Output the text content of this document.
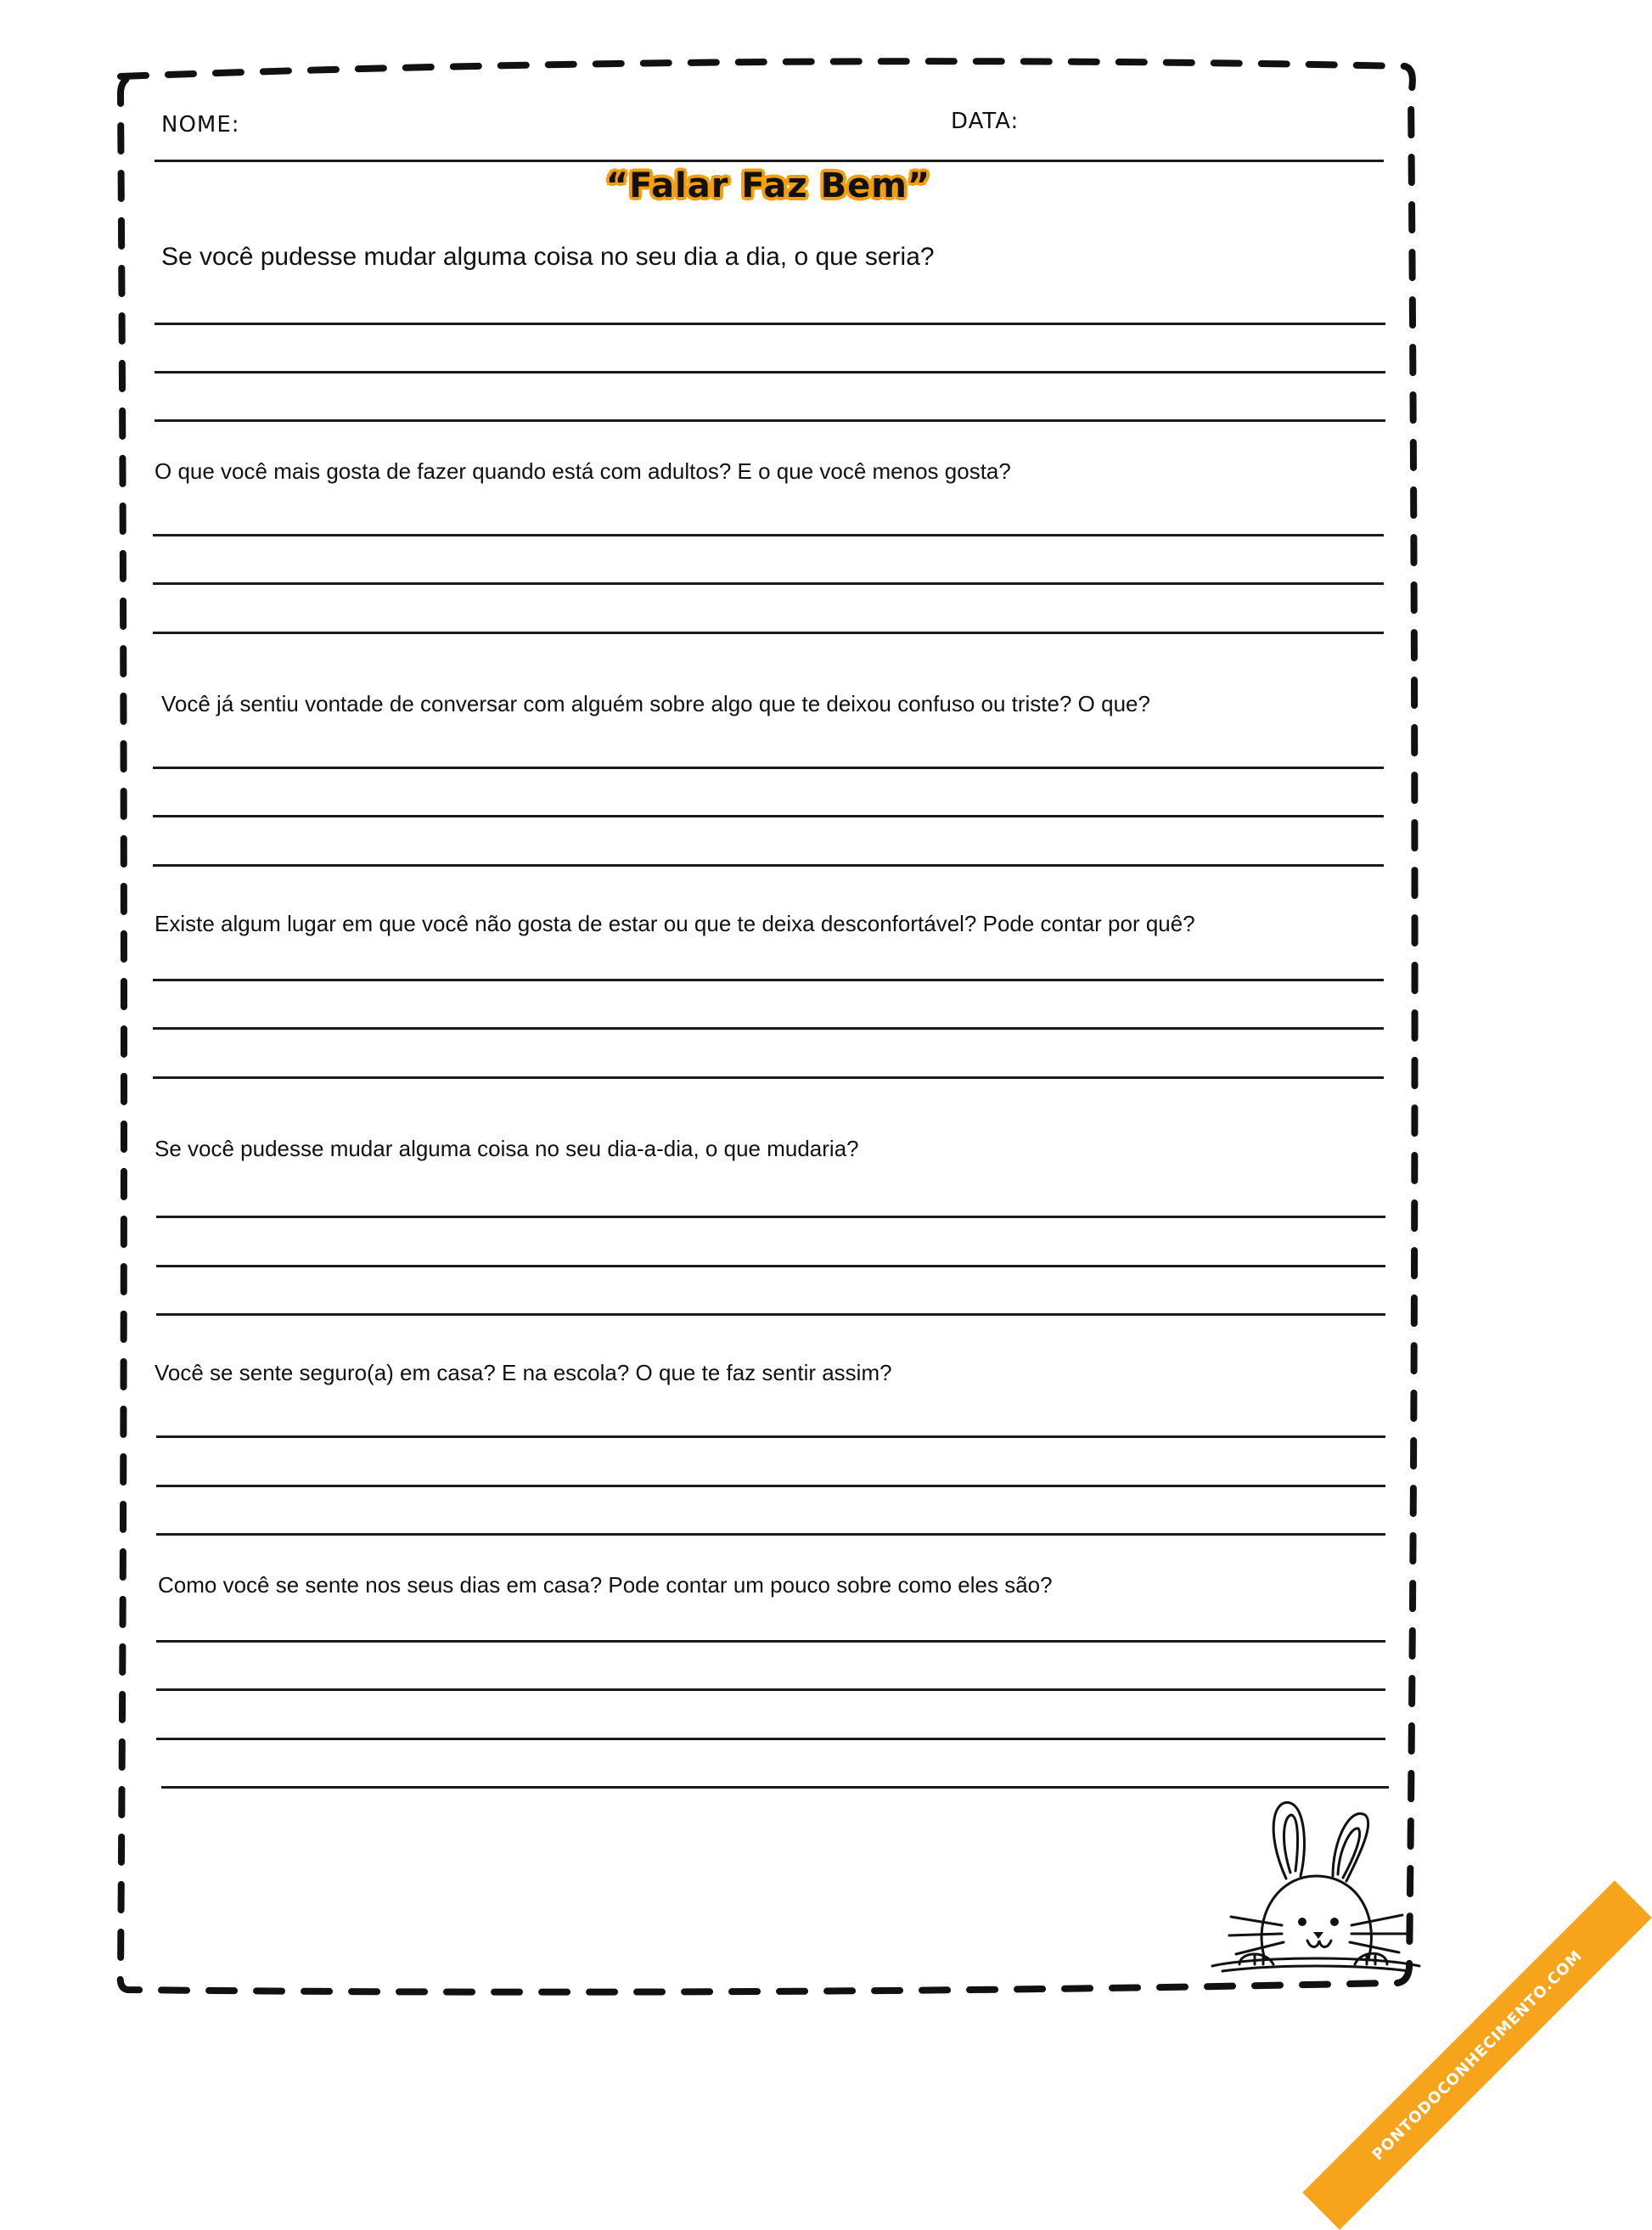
NOME:	DATA:
“Falar Faz Bem”
Se você pudesse mudar alguma coisa no seu dia a dia, o que seria?
O que você mais gosta de fazer quando está com adultos? E o que você menos gosta?
Você já sentiu vontade de conversar com alguém sobre algo que te deixou confuso ou triste? O que?
Existe algum lugar em que você não gosta de estar ou que te deixa desconfortável? Pode contar por quê?
Se você pudesse mudar alguma coisa no seu dia-a-dia, o que mudaria?
Você se sente seguro(a) em casa? E na escola? O que te faz sentir assim?
Como você se sente nos seus dias em casa? Pode contar um pouco sobre como eles são?
PONTODOCONHECIMENTO.COM
